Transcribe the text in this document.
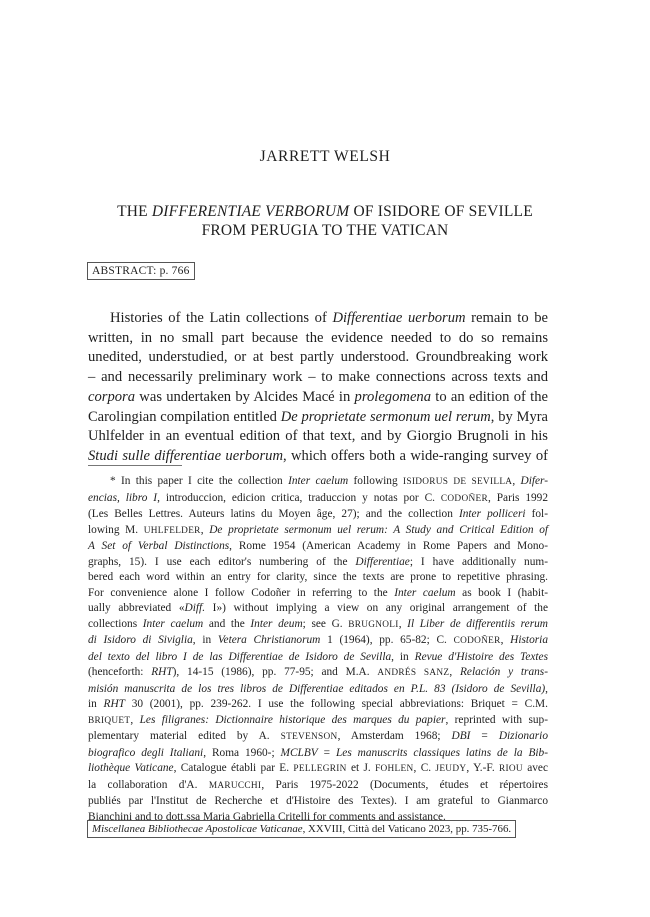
JARRETT WELSH
THE DIFFERENTIAE VERBORUM OF ISIDORE OF SEVILLE
FROM PERUGIA TO THE VATICAN
ABSTRACT: p. 766
Histories of the Latin collections of Differentiae uerborum remain to be
written, in no small part because the evidence needed to do so remains
unedited, understudied, or at best partly understood. Groundbreaking work
– and necessarily preliminary work – to make connections across texts and
corpora was undertaken by Alcides Macé in prolegomena to an edition of the
Carolingian compilation entitled De proprietate sermonum uel rerum, by Myra
Uhlfelder in an eventual edition of that text, and by Giorgio Brugnoli in his
Studi sulle differentiae uerborum, which offers both a wide-ranging survey of
* In this paper I cite the collection Inter caelum following ISIDORUS DE SEVILLA, Difer-
encias, libro I, introduccion, edicion critica, traduccion y notas por C. CODOÑER, Paris 1992
(Les Belles Lettres. Auteurs latins du Moyen âge, 27); and the collection Inter polliceri fol-
lowing M. UHLFELDER, De proprietate sermonum uel rerum: A Study and Critical Edition of
A Set of Verbal Distinctions, Rome 1954 (American Academy in Rome Papers and Mono-
graphs, 15). I use each editor's numbering of the Differentiae; I have additionally num-
bered each word within an entry for clarity, since the texts are prone to repetitive phrasing.
For convenience alone I follow Codoñer in referring to the Inter caelum as book I (habit-
ually abbreviated «Diff. I») without implying a view on any original arrangement of the
collections Inter caelum and the Inter deum; see G. BRUGNOLI, Il Liber de differentiis rerum
di Isidoro di Siviglia, in Vetera Christianorum 1 (1964), pp. 65-82; C. CODOÑER, Historia
del texto del libro I de las Differentiae de Isidoro de Sevilla, in Revue d'Histoire des Textes
(henceforth: RHT), 14-15 (1986), pp. 77-95; and M.A. ANDRÉS SANZ, Relación y trans-
misión manuscrita de los tres libros de Differentiae editados en P.L. 83 (Isidoro de Sevilla),
in RHT 30 (2001), pp. 239-262. I use the following special abbreviations: Briquet = C.M.
BRIQUET, Les filigranes: Dictionnaire historique des marques du papier, reprinted with sup-
plementary material edited by A. STEVENSON, Amsterdam 1968; DBI = Dizionario
biografico degli Italiani, Roma 1960-; MCLBV = Les manuscrits classiques latins de la Bib-
liothèque Vaticane, Catalogue établi par E. PELLEGRIN et J. FOHLEN, C. JEUDY, Y.-F. RIOU avec
la collaboration d'A. MARUCCHI, Paris 1975-2022 (Documents, études et répertoires
publiés par l'Institut de Recherche et d'Histoire des Textes). I am grateful to Gianmarco
Bianchini and to dott.ssa Maria Gabriella Critelli for comments and assistance.
Miscellanea Bibliothecae Apostolicae Vaticanae, XXVIII, Città del Vaticano 2023, pp. 735-766.
